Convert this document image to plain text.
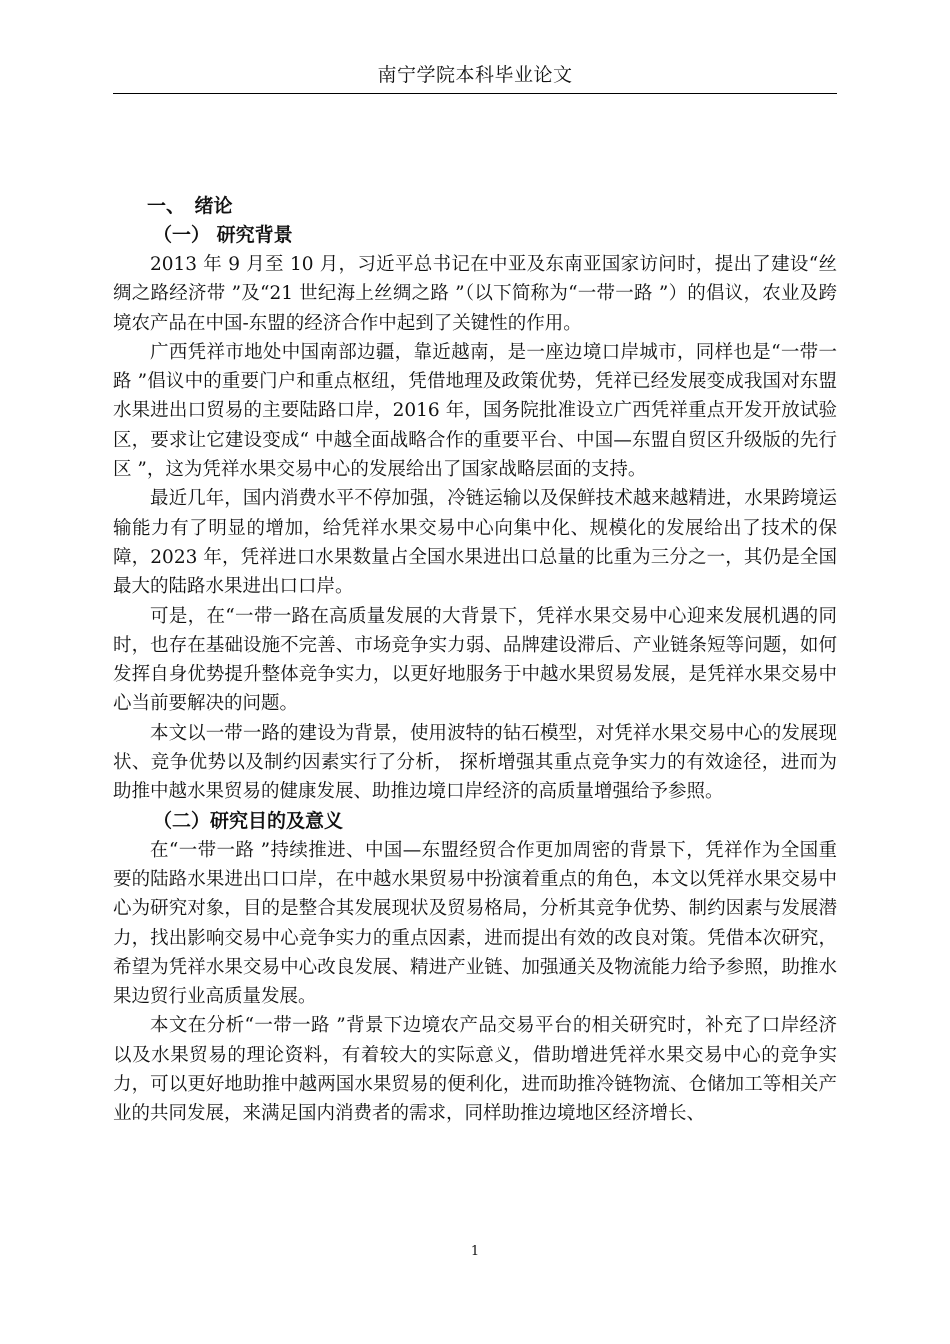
南宁学院本科毕业论文
一、　绪论
（一） 研究背景

2013 年 9 月至 10 月，习近平总书记在中亚及东南亚国家访问时，提出了建设“丝绸之路经济带 ”及“21 世纪海上丝绸之路 ”（以下简称为“一带一路 ”）的倡议，农业及跨境农产品在中国-东盟的经济合作中起到了关键性的作用。

广西凭祥市地处中国南部边疆，靠近越南，是一座边境口岸城市，同样也是“一带一路 ”倡议中的重要门户和重点枢纽，凭借地理及政策优势，凭祥已经发展变成我国对东盟水果进出口贸易的主要陆路口岸，2016 年，国务院批准设立广西凭祥重点开发开放试验区，要求让它建设变成“ 中越全面战略合作的重要平台、中国—东盟自贸区升级版的先行区 ”，这为凭祥水果交易中心的发展给出了国家战略层面的支持。

最近几年，国内消费水平不停加强，冷链运输以及保鲜技术越来越精进，水果跨境运输能力有了明显的增加，给凭祥水果交易中心向集中化、规模化的发展给出了技术的保障，2023 年，凭祥进口水果数量占全国水果进出口总量的比重为三分之一，其仍是全国最大的陆路水果进出口口岸。

可是，在“一带一路在高质量发展的大背景下，凭祥水果交易中心迎来发展机遇的同时，也存在基础设施不完善、市场竞争实力弱、品牌建设滞后、产业链条短等问题，如何发挥自身优势提升整体竞争实力，以更好地服务于中越水果贸易发展，是凭祥水果交易中心当前要解决的问题。

本文以一带一路的建设为背景，使用波特的钻石模型，对凭祥水果交易中心的发展现状、竞争优势以及制约因素实行了分析， 探析增强其重点竞争实力的有效途径，进而为助推中越水果贸易的健康发展、助推边境口岸经济的高质量增强给予参照。

（二）研究目的及意义

在“一带一路 ”持续推进、中国—东盟经贸合作更加周密的背景下，凭祥作为全国重要的陆路水果进出口口岸，在中越水果贸易中扮演着重点的角色，本文以凭祥水果交易中心为研究对象，目的是整合其发展现状及贸易格局，分析其竞争优势、制约因素与发展潜力，找出影响交易中心竞争实力的重点因素，进而提出有效的改良对策。凭借本次研究，希望为凭祥水果交易中心改良发展、精进产业链、加强通关及物流能力给予参照，助推水果边贸行业高质量发展。

本文在分析“一带一路 ”背景下边境农产品交易平台的相关研究时，补充了口岸经济以及水果贸易的理论资料，有着较大的实际意义，借助增进凭祥水果交易中心的竞争实力，可以更好地助推中越两国水果贸易的便利化，进而助推冷链物流、仓储加工等相关产业的共同发展，来满足国内消费者的需求，同样助推边境地区经济增长、

1
